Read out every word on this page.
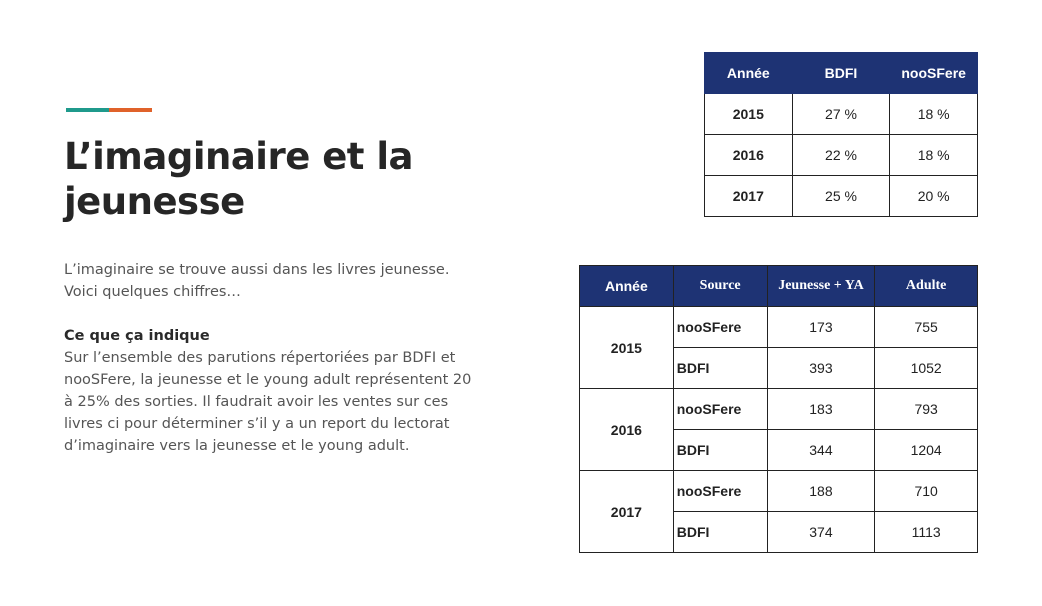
L’imaginaire et la jeunesse

L’imaginaire se trouve aussi dans les livres jeunesse. Voici quelques chiffres…

Ce que ça indique

Sur l’ensemble des parutions répertoriées par BDFI et nooSFere, la jeunesse et le young adult représentent 20 à 25% des sorties. Il faudrait avoir les ventes sur ces livres ci pour déterminer s’il y a un report du lectorat d’imaginaire vers la jeunesse et le young adult.

Année	BDFI	nooSFere
2015	27 %	18 %
2016	22 %	18 %
2017	25 %	20 %
Année	Source	Jeunesse + YA	Adulte
2015	nooSFere	173	755
	BDFI	393	1052
2016	nooSFere	183	793
	BDFI	344	1204
2017	nooSFere	188	710
	BDFI	374	1113
